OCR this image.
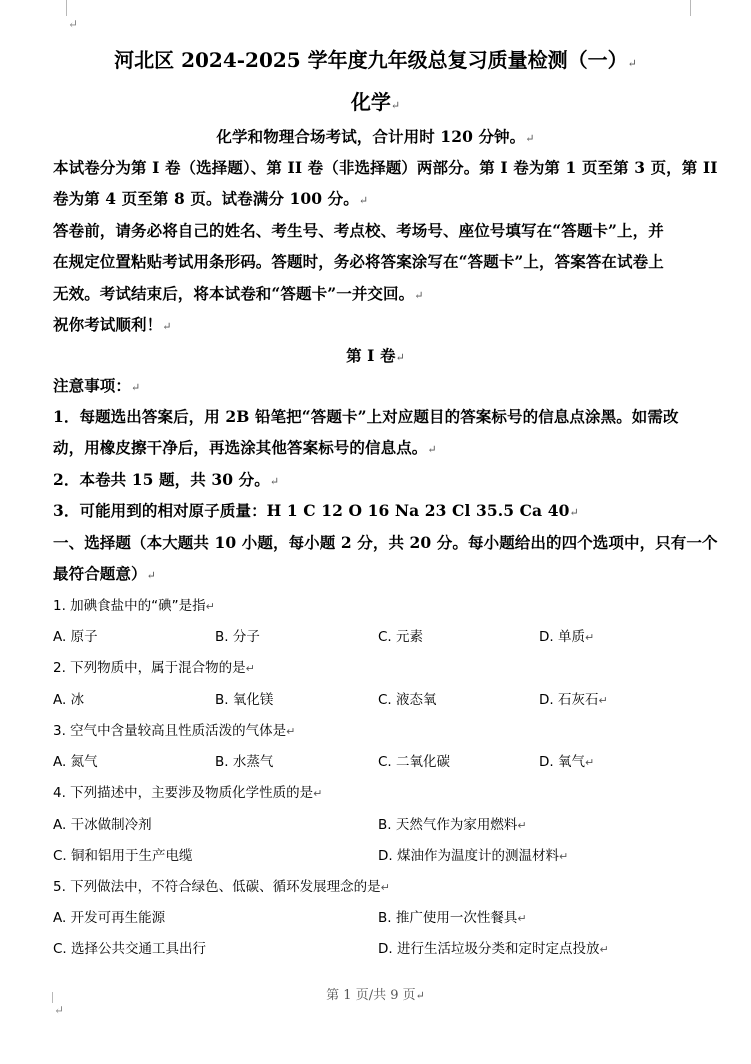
↵
河北区 2024-2025 学年度九年级总复习质量检测（一）↵
化学↵
化学和物理合场考试，合计用时 120 分钟。↵
本试卷分为第 I 卷（选择题）、第 II 卷（非选择题）两部分。第 I 卷为第 1 页至第 3 页，第 II
卷为第 4 页至第 8 页。试卷满分 100 分。↵
答卷前，请务必将自己的姓名、考生号、考点校、考场号、座位号填写在“答题卡”上，并
在规定位置粘贴考试用条形码。答题时，务必将答案涂写在“答题卡”上，答案答在试卷上
无效。考试结束后，将本试卷和“答题卡”一并交回。↵
祝你考试顺利！↵
第 I 卷↵
注意事项：↵
1．每题选出答案后，用 2B 铅笔把“答题卡”上对应题目的答案标号的信息点涂黑。如需改
动，用橡皮擦干净后，再选涂其他答案标号的信息点。↵
2．本卷共 15 题，共 30 分。↵
3．可能用到的相对原子质量：H 1 C 12 O 16 Na 23 Cl 35.5 Ca 40↵
一、选择题（本大题共 10 小题，每小题 2 分，共 20 分。每小题给出的四个选项中，只有一个
最符合题意）↵
1. 加碘食盐中的“碘”是指↵
A. 原子	B. 分子	C. 元素	D. 单质↵
2. 下列物质中，属于混合物的是↵
A. 冰	B. 氧化镁	C. 液态氧	D. 石灰石↵
3. 空气中含量较高且性质活泼的气体是↵
A. 氮气	B. 水蒸气	C. 二氧化碳	D. 氧气↵
4. 下列描述中，主要涉及物质化学性质的是↵
A. 干冰做制冷剂	B. 天然气作为家用燃料↵
C. 铜和铝用于生产电缆	D. 煤油作为温度计的测温材料↵
5. 下列做法中，不符合绿色、低碳、循环发展理念的是↵
A. 开发可再生能源	B. 推广使用一次性餐具↵
C. 选择公共交通工具出行	D. 进行生活垃圾分类和定时定点投放↵
第 1 页/共 9 页↵
↵
